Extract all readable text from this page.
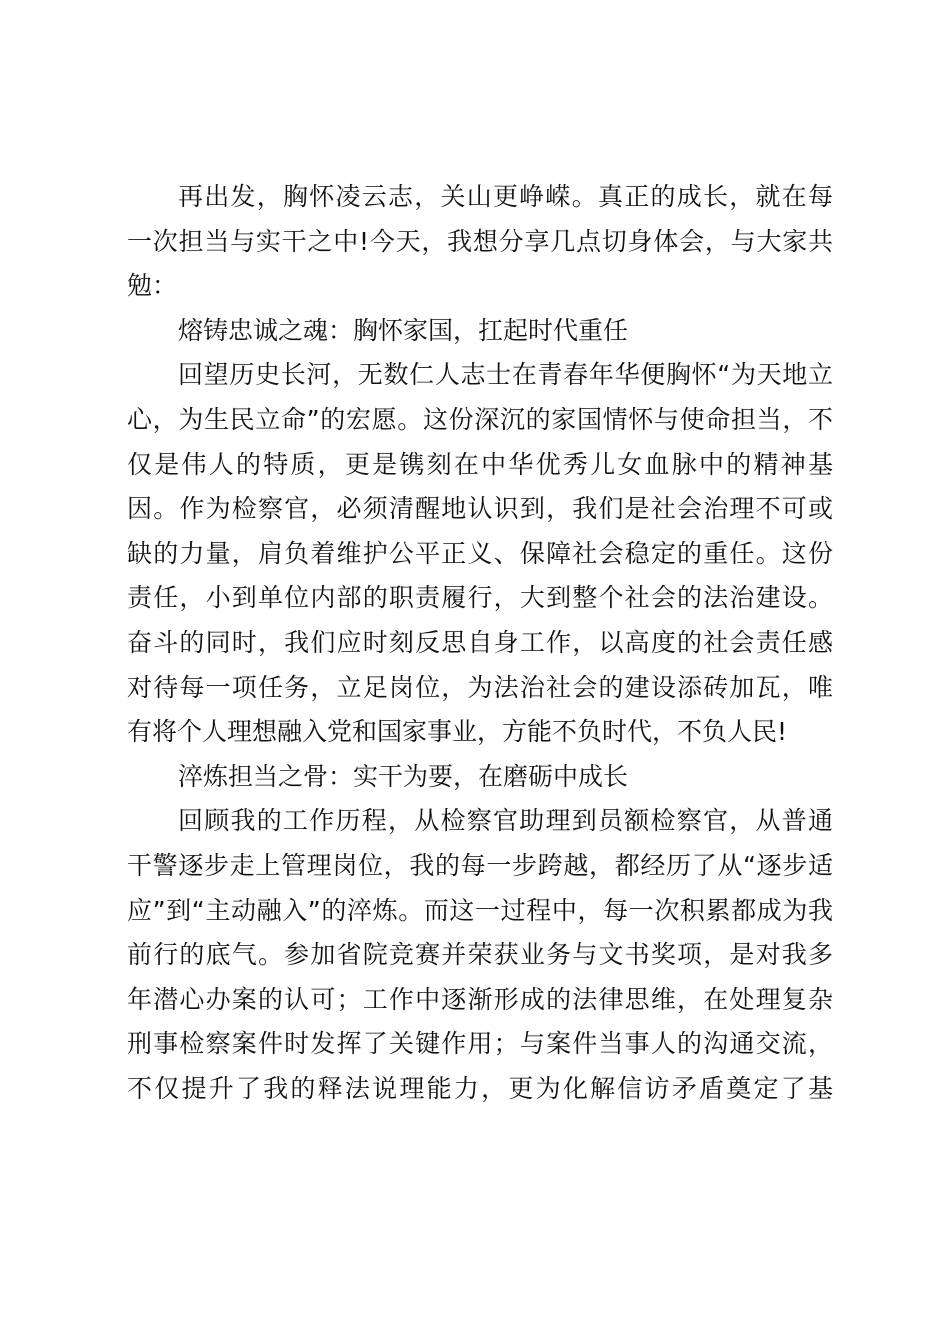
再出发，胸怀凌云志，关山更峥嵘。真正的成长，就在每
一次担当与实干之中!今天，我想分享几点切身体会，与大家共
勉：
熔铸忠诚之魂：胸怀家国，扛起时代重任
回望历史长河，无数仁人志士在青春年华便胸怀“为天地立
心，为生民立命”的宏愿。这份深沉的家国情怀与使命担当，不
仅是伟人的特质，更是镌刻在中华优秀儿女血脉中的精神基
因。作为检察官，必须清醒地认识到，我们是社会治理不可或
缺的力量，肩负着维护公平正义、保障社会稳定的重任。这份
责任，小到单位内部的职责履行，大到整个社会的法治建设。
奋斗的同时，我们应时刻反思自身工作，以高度的社会责任感
对待每一项任务，立足岗位，为法治社会的建设添砖加瓦，唯
有将个人理想融入党和国家事业，方能不负时代，不负人民!
淬炼担当之骨：实干为要，在磨砺中成长
回顾我的工作历程，从检察官助理到员额检察官，从普通
干警逐步走上管理岗位，我的每一步跨越，都经历了从“逐步适
应”到“主动融入”的淬炼。而这一过程中，每一次积累都成为我
前行的底气。参加省院竞赛并荣获业务与文书奖项，是对我多
年潜心办案的认可；工作中逐渐形成的法律思维，在处理复杂
刑事检察案件时发挥了关键作用；与案件当事人的沟通交流，
不仅提升了我的释法说理能力，更为化解信访矛盾奠定了基
